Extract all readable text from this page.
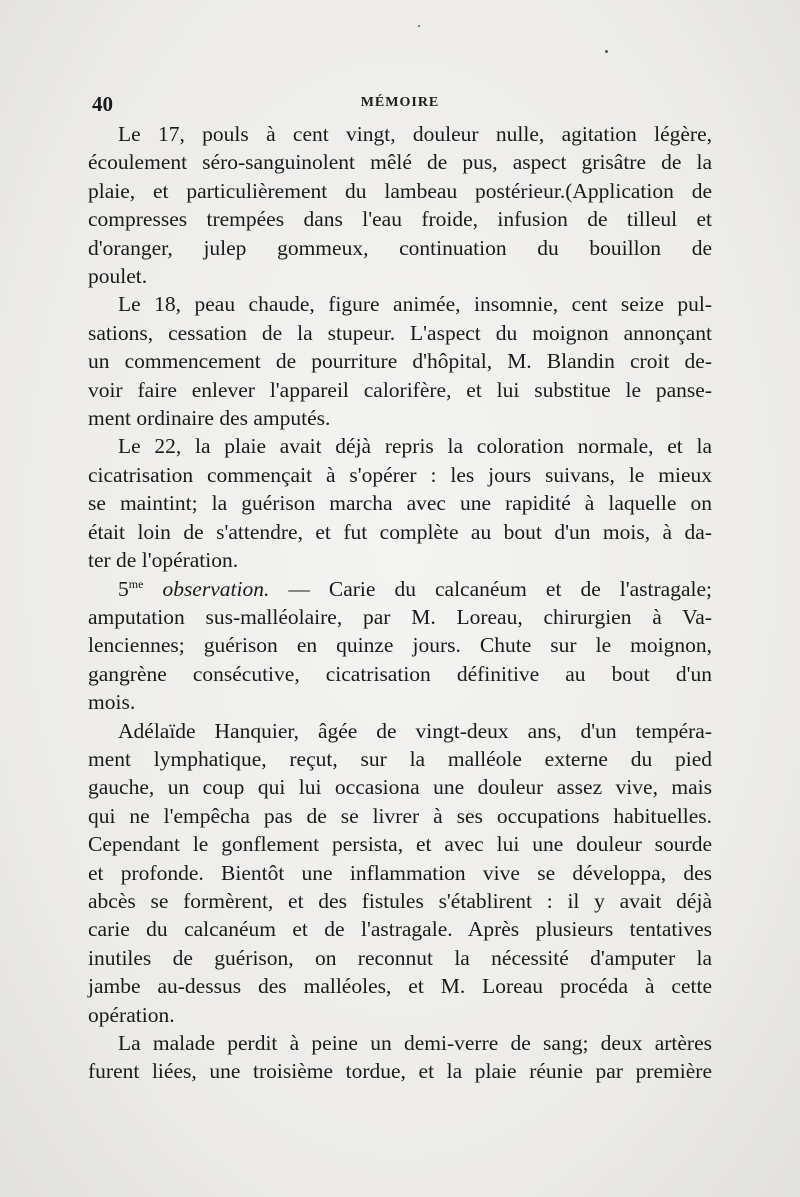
40	MÉMOIRE
Le 17, pouls à cent vingt, douleur nulle, agitation légère,
écoulement séro-sanguinolent mêlé de pus, aspect grisâtre de la
plaie, et particulièrement du lambeau postérieur.(Application de
compresses trempées dans l'eau froide, infusion de tilleul et
d'oranger, julep gommeux, continuation du bouillon de
poulet.
Le 18, peau chaude, figure animée, insomnie, cent seize pul-
sations, cessation de la stupeur. L'aspect du moignon annonçant
un commencement de pourriture d'hôpital, M. Blandin croit de-
voir faire enlever l'appareil calorifère, et lui substitue le panse-
ment ordinaire des amputés.
Le 22, la plaie avait déjà repris la coloration normale, et la
cicatrisation commençait à s'opérer : les jours suivans, le mieux
se maintint; la guérison marcha avec une rapidité à laquelle on
était loin de s'attendre, et fut complète au bout d'un mois, à da-
ter de l'opération.
$5^{me}$ observation. — Carie du calcanéum et de l'astragale;
amputation sus-malléolaire, par M. Loreau, chirurgien à Va-
lenciennes; guérison en quinze jours. Chute sur le moignon,
gangrène consécutive, cicatrisation définitive au bout d'un
mois.
Adélaïde Hanquier, âgée de vingt-deux ans, d'un tempéra-
ment lymphatique, reçut, sur la malléole externe du pied
gauche, un coup qui lui occasiona une douleur assez vive, mais
qui ne l'empêcha pas de se livrer à ses occupations habituelles.
Cependant le gonflement persista, et avec lui une douleur sourde
et profonde. Bientôt une inflammation vive se développa, des
abcès se formèrent, et des fistules s'établirent : il y avait déjà
carie du calcanéum et de l'astragale. Après plusieurs tentatives
inutiles de guérison, on reconnut la nécessité d'amputer la
jambe au-dessus des malléoles, et M. Loreau procéda à cette
opération.
La malade perdit à peine un demi-verre de sang; deux artères
furent liées, une troisième tordue, et la plaie réunie par première
